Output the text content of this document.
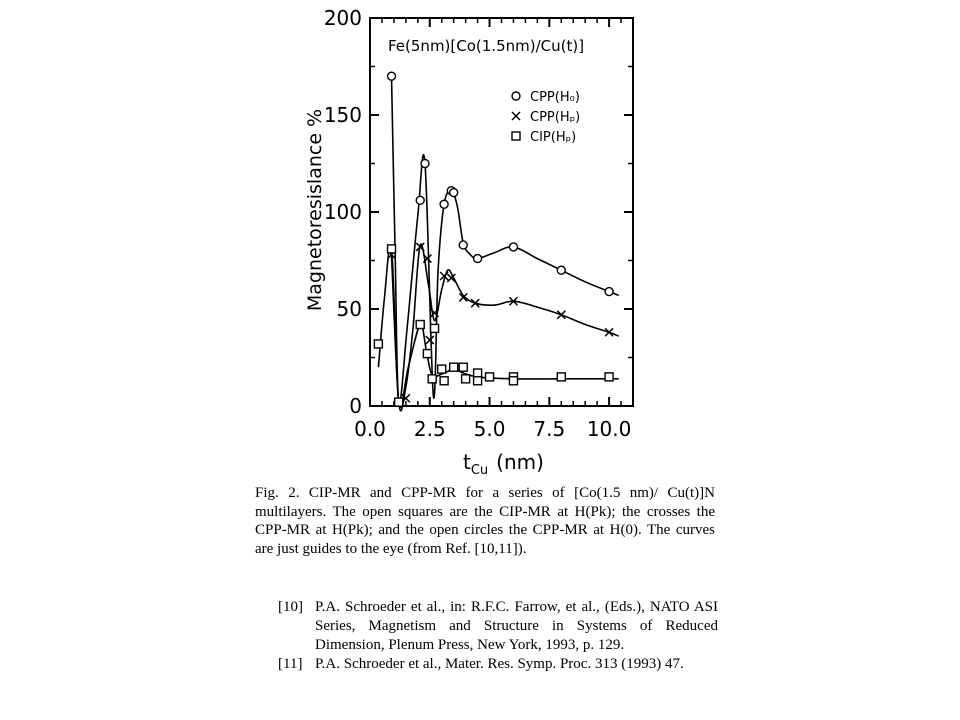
0
50
100
150
200
0.0 2.5 5.0 7.5 10.0
Fe(5nm)[Co(1.5nm)/Cu(t)]
CPP(H₀)
CPP(Hₚ)
CIP(Hₚ)
Magnetoresislance %
$t_{Cu}$ (nm)
Fig. 2. CIP-MR and CPP-MR for a series of [Co(1.5 nm)/ Cu(t)]N multilayers. The open squares are the CIP-MR at H(Pk); the crosses the CPP-MR at H(Pk); and the open circles the CPP-MR at H(0). The curves are just guides to the eye (from Ref. [10,11]).
[10] P.A. Schroeder et al., in: R.F.C. Farrow, et al., (Eds.), NATO ASI Series, Magnetism and Structure in Systems of Reduced Dimension, Plenum Press, New York, 1993, p. 129.
[11] P.A. Schroeder et al., Mater. Res. Symp. Proc. 313 (1993) 47.
